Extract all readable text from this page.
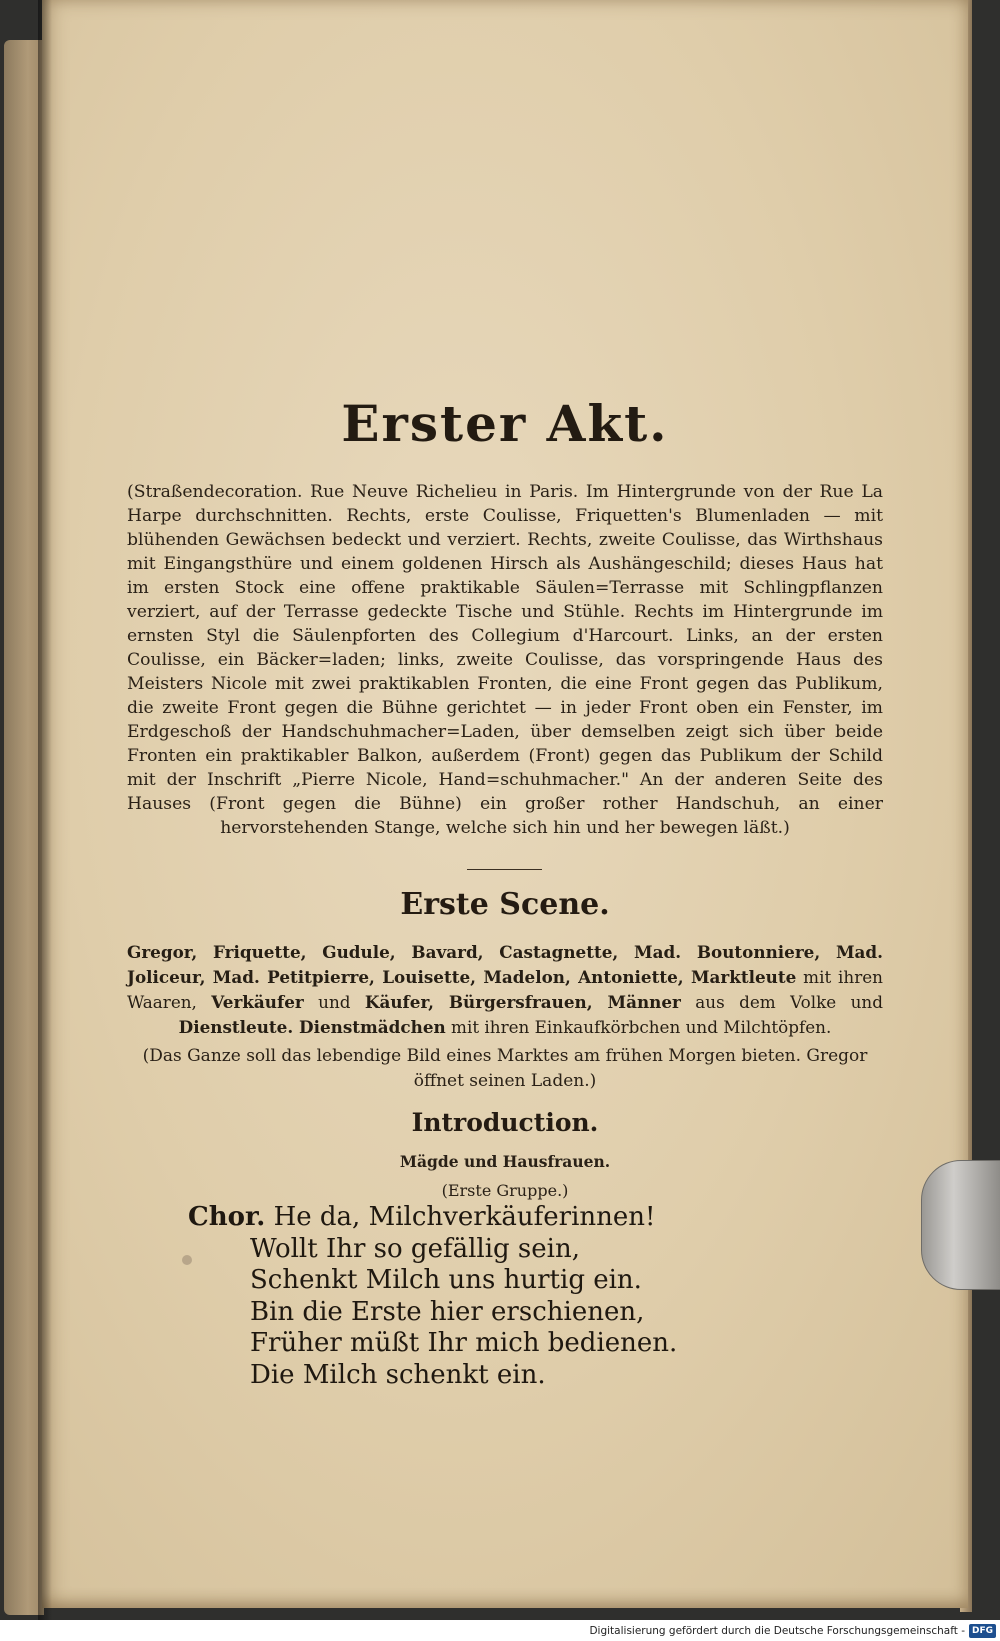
Erster Akt.
(Straßendecoration. Rue Neuve Richelieu in Paris. Im Hintergrunde von der Rue La Harpe durchschnitten. Rechts, erste Coulisse, Friquetten's Blumenladen — mit blühenden Gewächsen bedeckt und verziert. Rechts, zweite Coulisse, das Wirthshaus mit Eingangsthüre und einem goldenen Hirsch als Aushängeschild; dieses Haus hat im ersten Stock eine offene praktikable Säulen=Terrasse mit Schlingpflanzen verziert, auf der Terrasse gedeckte Tische und Stühle. Rechts im Hintergrunde im ernsten Styl die Säulenpforten des Collegium d'Harcourt. Links, an der ersten Coulisse, ein Bäcker=laden; links, zweite Coulisse, das vorspringende Haus des Meisters Nicole mit zwei praktikablen Fronten, die eine Front gegen das Publikum, die zweite Front gegen die Bühne gerichtet — in jeder Front oben ein Fenster, im Erdgeschoß der Handschuhmacher=Laden, über demselben zeigt sich über beide Fronten ein praktikabler Balkon, außerdem (Front) gegen das Publikum der Schild mit der Inschrift „Pierre Nicole, Hand=schuhmacher." An der anderen Seite des Hauses (Front gegen die Bühne) ein großer rother Handschuh, an einer hervorstehenden Stange, welche sich hin und her bewegen läßt.)
Erste Scene.
Gregor, Friquette, Gudule, Bavard, Castagnette, Mad. Boutonniere, Mad. Joliceur, Mad. Petitpierre, Louisette, Madelon, Antoniette, Marktleute mit ihren Waaren, Verkäufer und Käufer, Bürgersfrauen, Männer aus dem Volke und Dienstleute. Dienstmädchen mit ihren Einkaufkörbchen und Milchtöpfen.
(Das Ganze soll das lebendige Bild eines Marktes am frühen Morgen bieten. Gregor öffnet seinen Laden.)
Introduction.
Mägde und Hausfrauen.
(Erste Gruppe.)
Chor. He da, Milchverkäuferinnen!
Wollt Ihr so gefällig sein,
Schenkt Milch uns hurtig ein.
Bin die Erste hier erschienen,
Früher müßt Ihr mich bedienen.
Die Milch schenkt ein.
Digitalisierung gefördert durch die Deutsche Forschungsgemeinschaft - DFG
